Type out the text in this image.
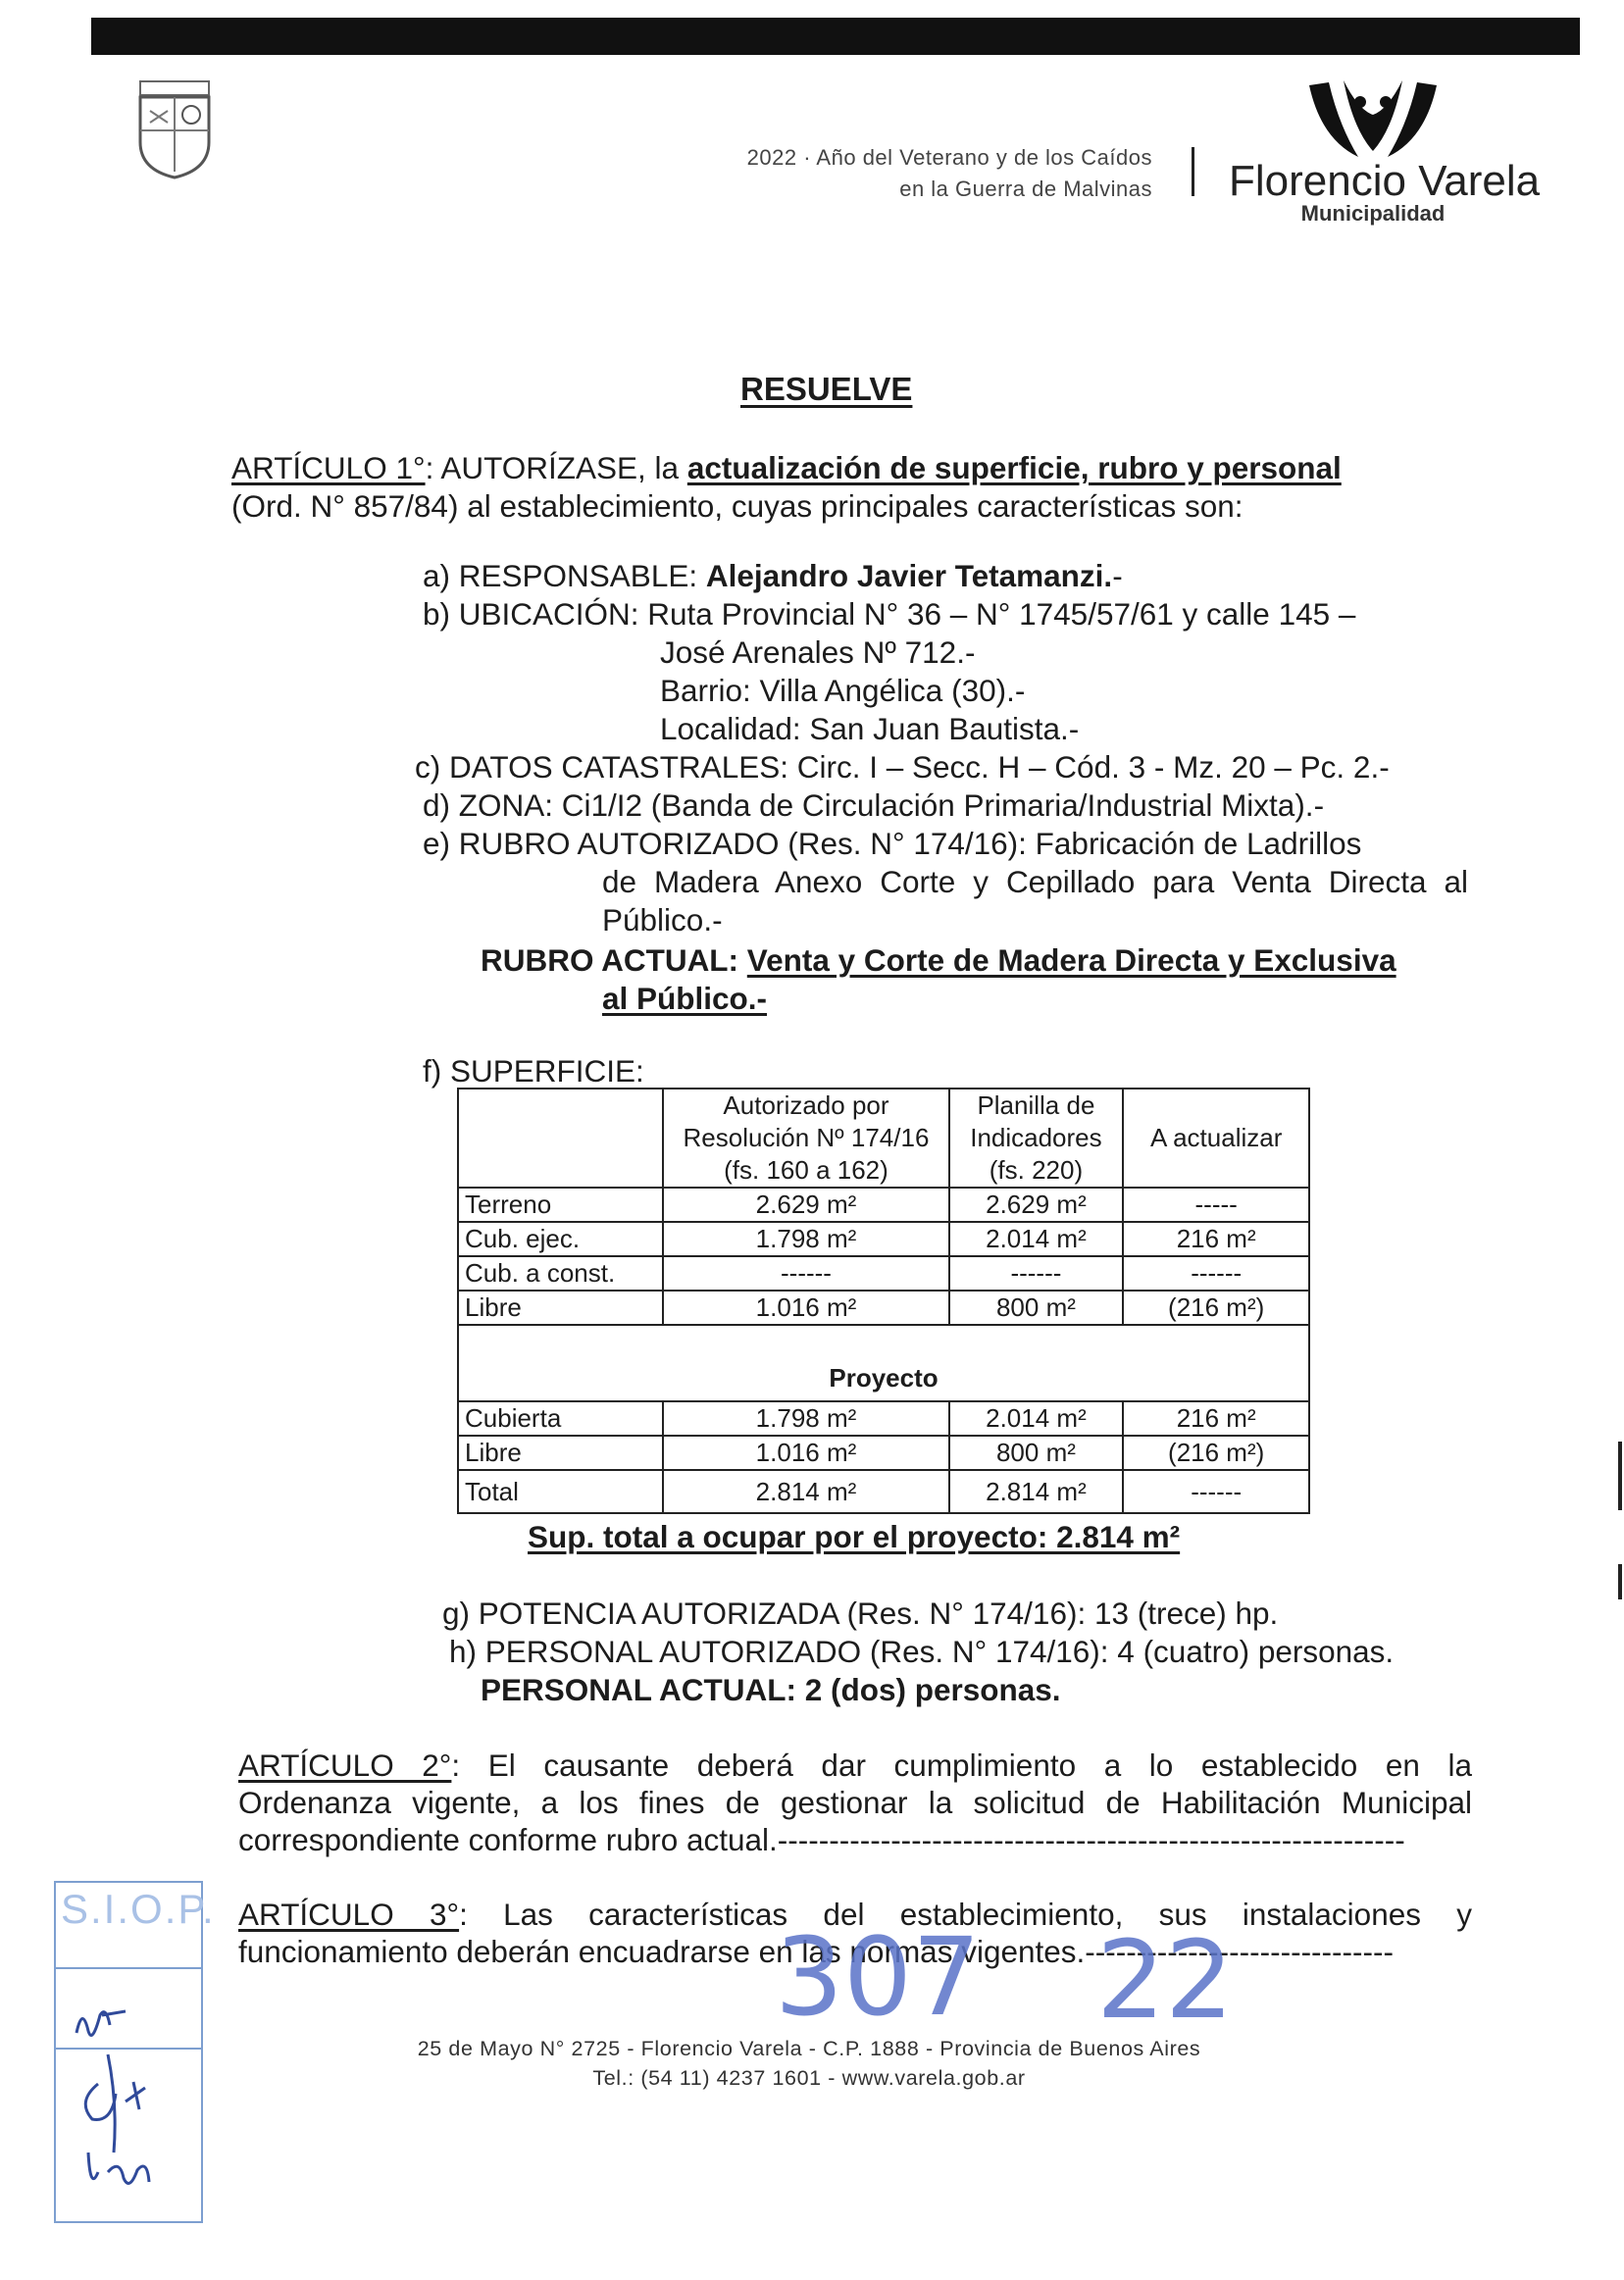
2022 · Año del Veterano y de los Caídos
en la Guerra de Malvinas Florencio Varela
Municipalidad
RESUELVE
ARTÍCULO 1°: AUTORÍZASE, la actualización de superficie, rubro y personal
(Ord. N° 857/84) al establecimiento, cuyas principales características son:
a) RESPONSABLE: Alejandro Javier Tetamanzi.-
b) UBICACIÓN: Ruta Provincial N° 36 – N° 1745/57/61 y calle 145 –
José Arenales Nº 712.-
Barrio: Villa Angélica (30).-
Localidad: San Juan Bautista.-
c) DATOS CATASTRALES: Circ. I – Secc. H – Cód. 3 - Mz. 20 – Pc. 2.-
d) ZONA: Ci1/I2 (Banda de Circulación Primaria/Industrial Mixta).-
e) RUBRO AUTORIZADO (Res. N° 174/16): Fabricación de Ladrillos
de Madera Anexo Corte y Cepillado para Venta Directa al
Público.-
RUBRO ACTUAL: Venta y Corte de Madera Directa y Exclusiva
al Público.-
f) SUPERFICIE:
	Autorizado por Resolución Nº 174/16 (fs. 160 a 162)	Planilla de Indicadores (fs. 220)	A actualizar
Terreno	2.629 m²	2.629 m²	-----
Cub. ejec.	1.798 m²	2.014 m²	216 m²
Cub. a const.	------	------	------
Libre	1.016 m²	800 m²	(216 m²)
Proyecto			
Cubierta	1.798 m²	2.014 m²	216 m²
Libre	1.016 m²	800 m²	(216 m²)
Total	2.814 m²	2.814 m²	------
Sup. total a ocupar por el proyecto: 2.814 m²
g) POTENCIA AUTORIZADA (Res. N° 174/16): 13 (trece) hp.
h) PERSONAL AUTORIZADO (Res. N° 174/16): 4 (cuatro) personas.
PERSONAL ACTUAL: 2 (dos) personas.
ARTÍCULO 2°: El causante deberá dar cumplimiento a lo establecido en la
Ordenanza vigente, a los fines de gestionar la solicitud de Habilitación Municipal
correspondiente conforme rubro actual.-------------------------------------------------------------
ARTÍCULO 3°: Las características del establecimiento, sus instalaciones y
funcionamiento deberán encuadrarse en las normas vigentes.------------------------------
S.I.O.P.
307 22
25 de Mayo N° 2725 - Florencio Varela - C.P. 1888 - Provincia de Buenos Aires
Tel.: (54 11) 4237 1601 - www.varela.gob.ar
